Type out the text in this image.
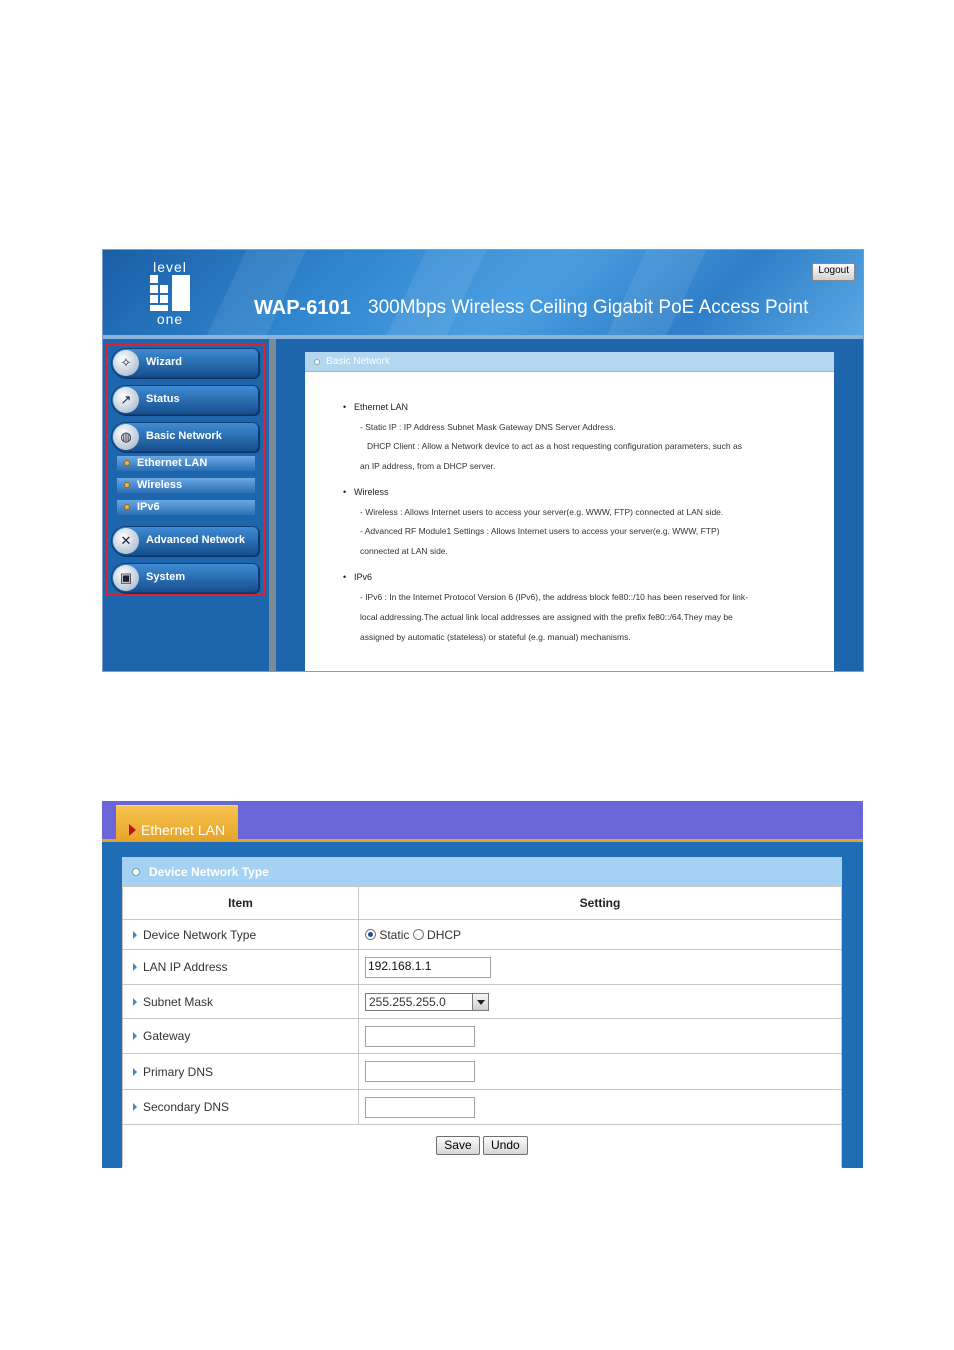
level
one	WAP-6101 300Mbps Wireless Ceiling Gigabit PoE Access Point
Logout
✧	Wizard
↗	Status
◍	Basic Network
Ethernet LAN
Wireless
IPv6
✕	Advanced Network
▣	System
Basic Network
• Ethernet LAN
- Static IP : IP Address Subnet Mask Gateway DNS Server Address.
DHCP Client : Allow a Network device to act as a host requesting configuration parameters, such as
an IP address, from a DHCP server.
• Wireless
- Wireless : Allows Internet users to access your server(e.g. WWW, FTP) connected at LAN side.
- Advanced RF Module1 Settings : Allows Internet users to access your server(e.g. WWW, FTP)
connected at LAN side.
• IPv6
- IPv6 : In the Internet Protocol Version 6 (IPv6), the address block fe80::/10 has been reserved for link-
local addressing.The actual link local addresses are assigned with the prefix fe80::/64.They may be
assigned by automatic (stateless) or stateful (e.g. manual) mechanisms.
Ethernet LAN
Device Network Type
Item	Setting

Device Network Type	Static DHCP

LAN IP Address	192.168.1.1

Subnet Mask	255.255.255.0

Gateway	

Primary DNS	

Secondary DNS	

Save Undo	
